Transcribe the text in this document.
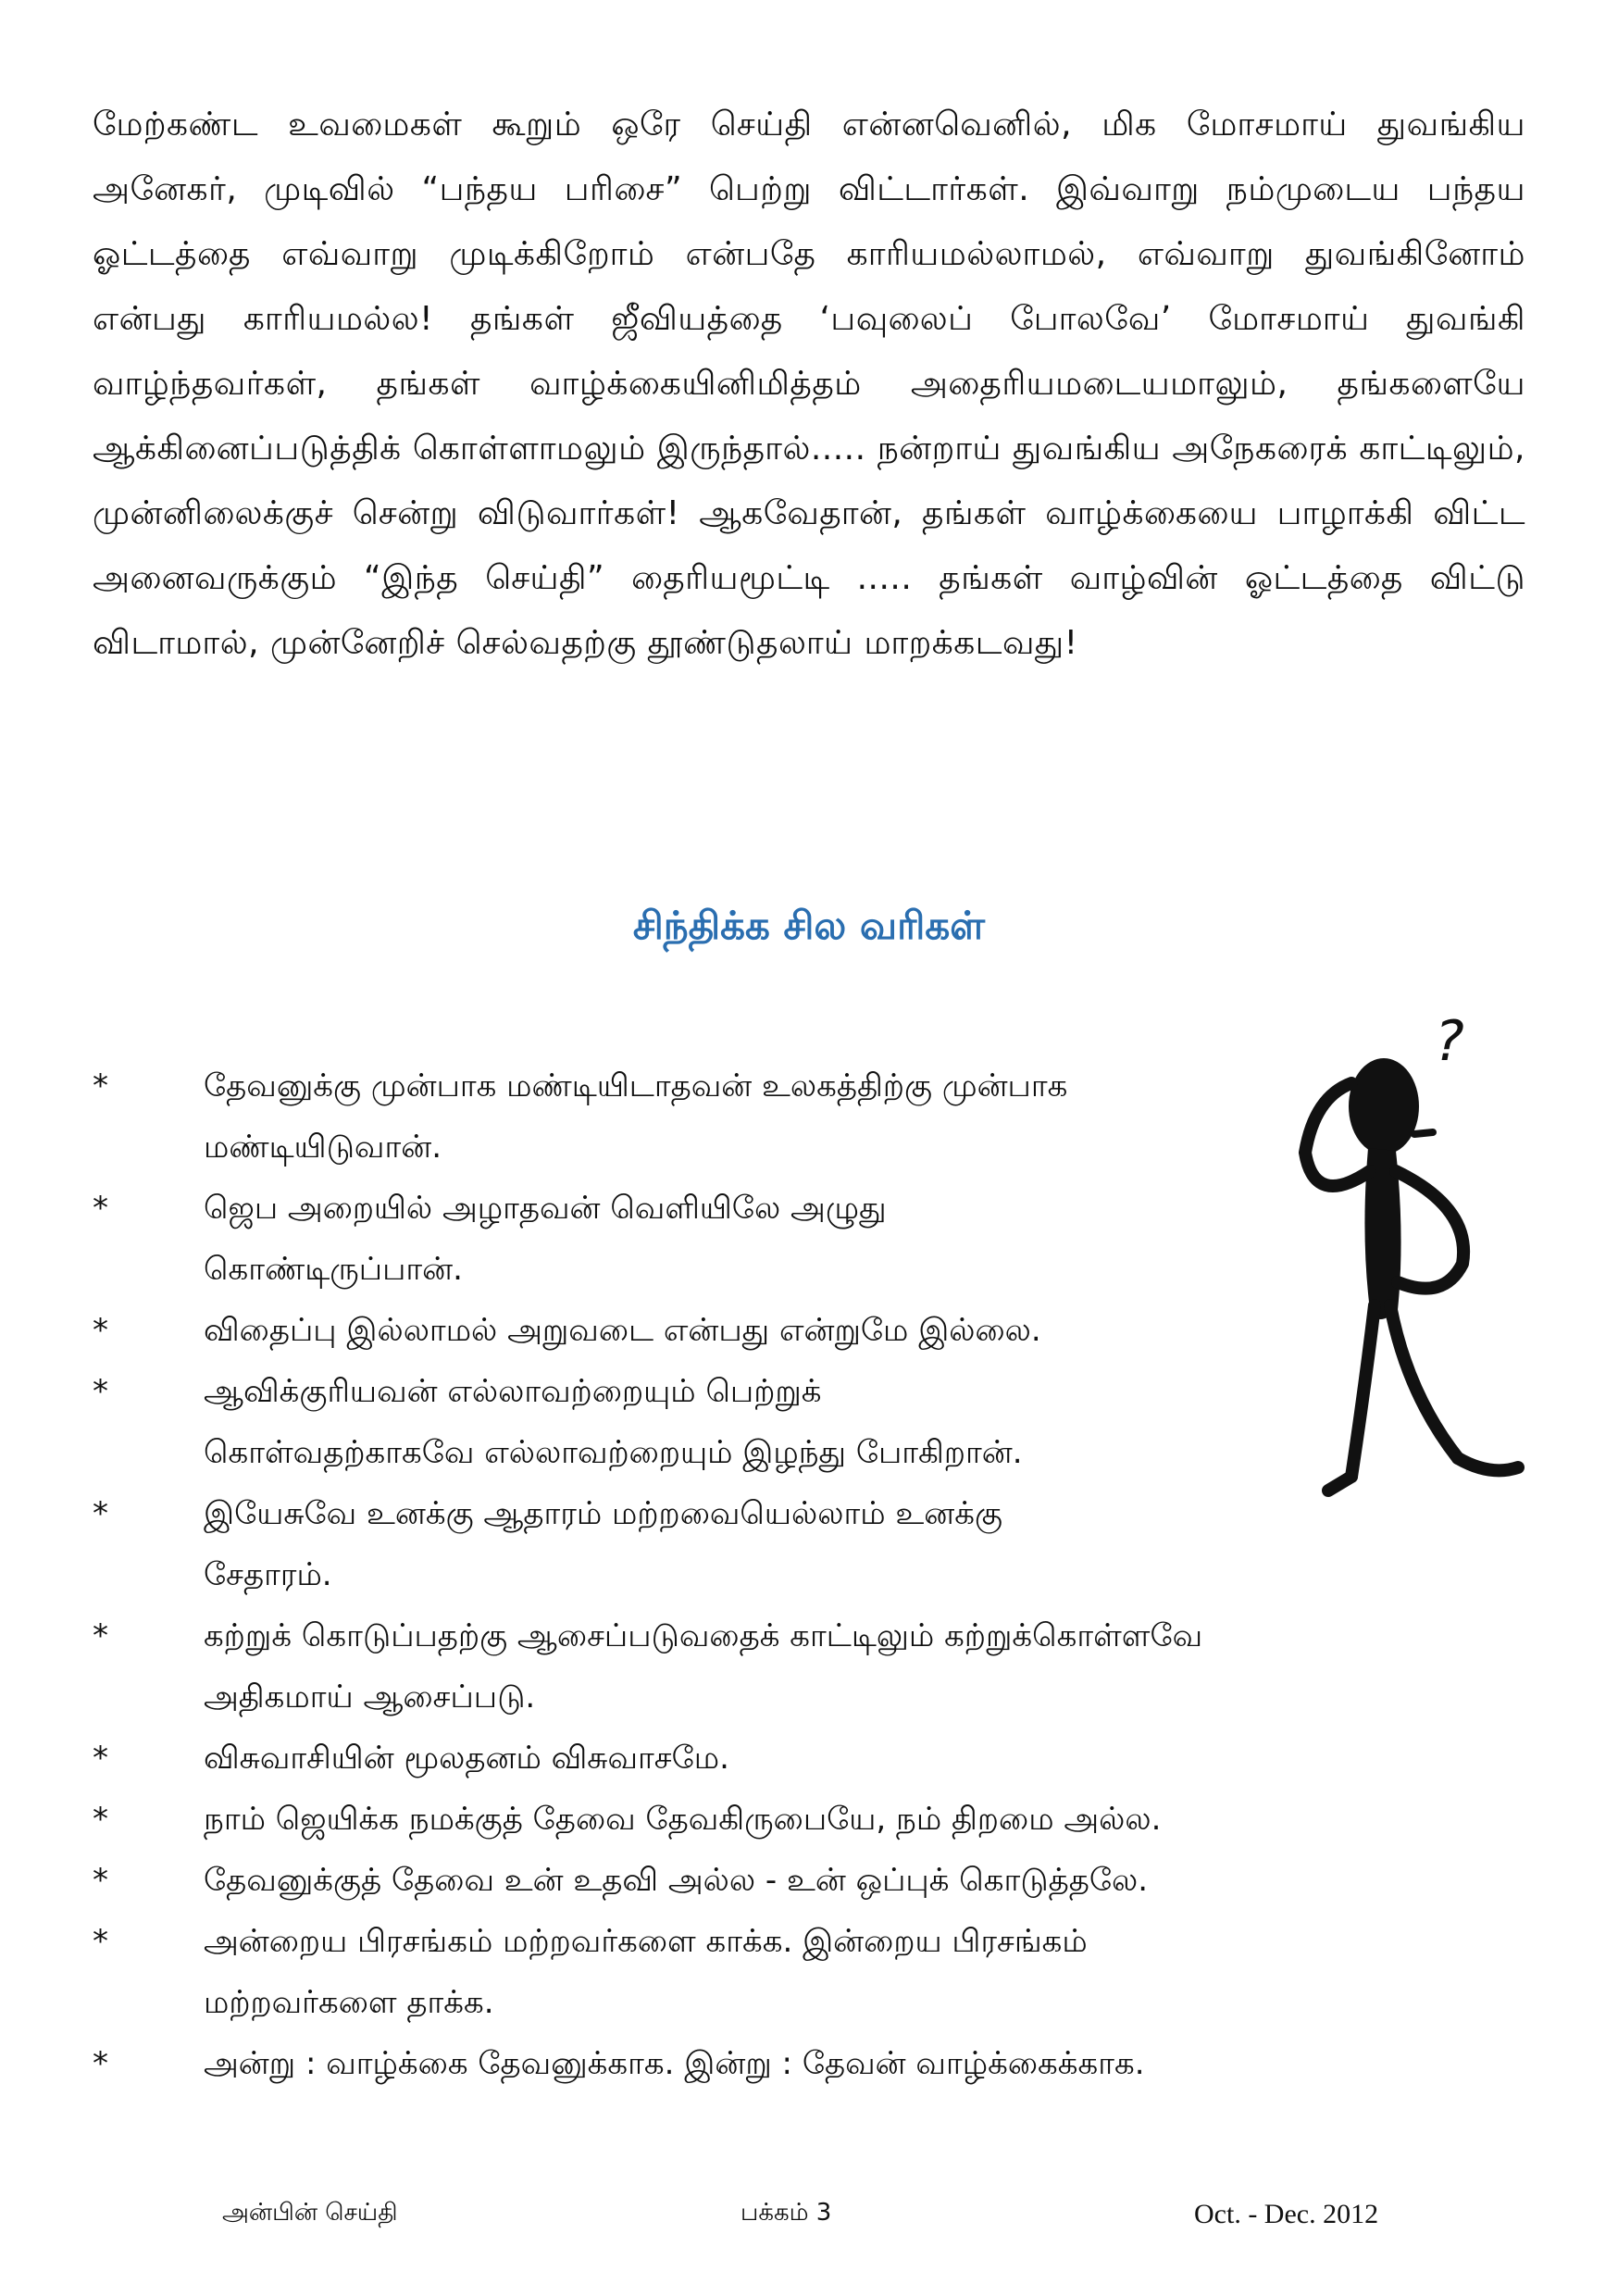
மேற்கண்ட உவமைகள் கூறும் ஒரே செய்தி என்னவெனில், மிக மோசமாய் துவங்கிய அனேகர், முடிவில் “பந்தய பரிசை” பெற்று விட்டார்கள். இவ்வாறு நம்முடைய பந்தய ஓட்டத்தை எவ்வாறு முடிக்கிறோம் என்பதே காரியமல்லாமல், எவ்வாறு துவங்கினோம் என்பது காரியமல்ல! தங்கள் ஜீவியத்தை ‘பவுலைப் போலவே’ மோசமாய் துவங்கி வாழ்ந்தவர்கள், தங்கள் வாழ்க்கையினிமித்தம் அதைரியமடையமாலும், தங்களையே ஆக்கினைப்படுத்திக் கொள்ளாமலும் இருந்தால்..... நன்றாய் துவங்கிய அநேகரைக் காட்டிலும், முன்னிலைக்குச் சென்று விடுவார்கள்! ஆகவேதான், தங்கள் வாழ்க்கையை பாழாக்கி விட்ட அனைவருக்கும் “இந்த செய்தி” தைரியமூட்டி ..... தங்கள் வாழ்வின் ஓட்டத்தை விட்டு விடாமால், முன்னேறிச் செல்வதற்கு தூண்டுதலாய் மாறக்கடவது!

சிந்திக்க சில வரிகள்
?
*	தேவனுக்கு முன்பாக மண்டியிடாதவன் உலகத்திற்கு முன்பாக
மண்டியிடுவான்.
*	ஜெப அறையில் அழாதவன் வெளியிலே அழுது
கொண்டிருப்பான்.
*	விதைப்பு இல்லாமல் அறுவடை என்பது என்றுமே இல்லை.
*	ஆவிக்குரியவன் எல்லாவற்றையும் பெற்றுக்
கொள்வதற்காகவே எல்லாவற்றையும் இழந்து போகிறான்.
*	இயேசுவே உனக்கு ஆதாரம் மற்றவையெல்லாம் உனக்கு
சேதாரம்.
*	கற்றுக் கொடுப்பதற்கு ஆசைப்படுவதைக் காட்டிலும் கற்றுக்கொள்ளவே
அதிகமாய் ஆசைப்படு.
*	விசுவாசியின் மூலதனம் விசுவாசமே.
*	நாம் ஜெயிக்க நமக்குத் தேவை தேவகிருபையே, நம் திறமை அல்ல.
*	தேவனுக்குத் தேவை உன் உதவி அல்ல - உன் ஒப்புக் கொடுத்தலே.
*	அன்றைய பிரசங்கம் மற்றவர்களை காக்க. இன்றைய பிரசங்கம்
மற்றவர்களை தாக்க.
*	அன்று : வாழ்க்கை தேவனுக்காக. இன்று : தேவன் வாழ்க்கைக்காக.
அன்பின் செய்தி	பக்கம் 3	Oct. - Dec. 2012
